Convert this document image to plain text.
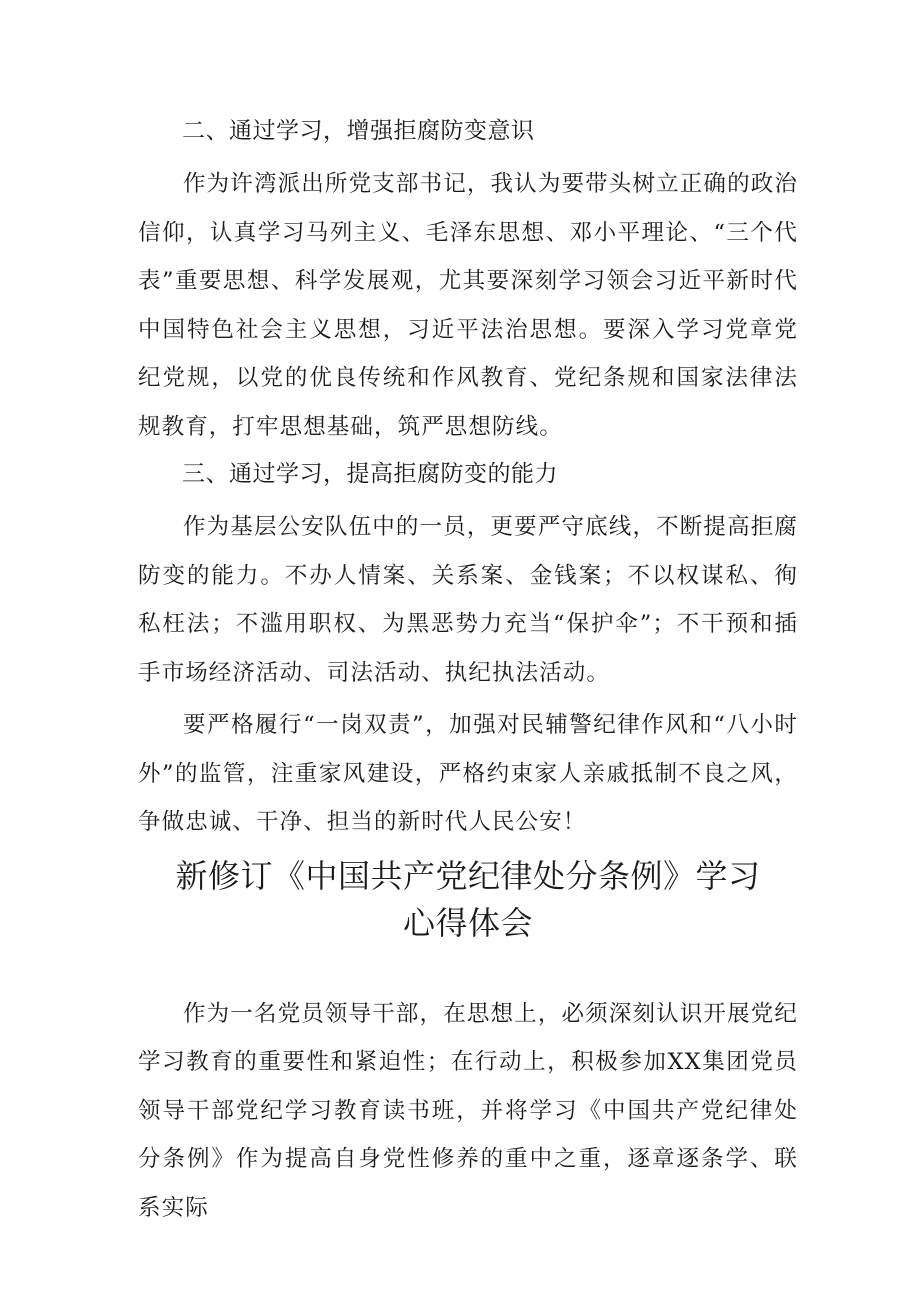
二、通过学习，增强拒腐防变意识

作为许湾派出所党支部书记，我认为要带头树立正确的政治信仰，认真学习马列主义、毛泽东思想、邓小平理论、“三个代表”重要思想、科学发展观，尤其要深刻学习领会习近平新时代中国特色社会主义思想，习近平法治思想。要深入学习党章党纪党规，以党的优良传统和作风教育、党纪条规和国家法律法规教育，打牢思想基础，筑严思想防线。

三、通过学习，提高拒腐防变的能力

作为基层公安队伍中的一员，更要严守底线，不断提高拒腐防变的能力。不办人情案、关系案、金钱案；不以权谋私、徇私枉法；不滥用职权、为黑恶势力充当“保护伞”；不干预和插手市场经济活动、司法活动、执纪执法活动。

要严格履行“一岗双责”，加强对民辅警纪律作风和“八小时外”的监管，注重家风建设，严格约束家人亲戚抵制不良之风，争做忠诚、干净、担当的新时代人民公安！

新修订《中国共产党纪律处分条例》学习
心得体会

作为一名党员领导干部，在思想上，必须深刻认识开展党纪学习教育的重要性和紧迫性；在行动上，积极参加XX集团党员领导干部党纪学习教育读书班，并将学习《中国共产党纪律处分条例》作为提高自身党性修养的重中之重，逐章逐条学、联系实际
